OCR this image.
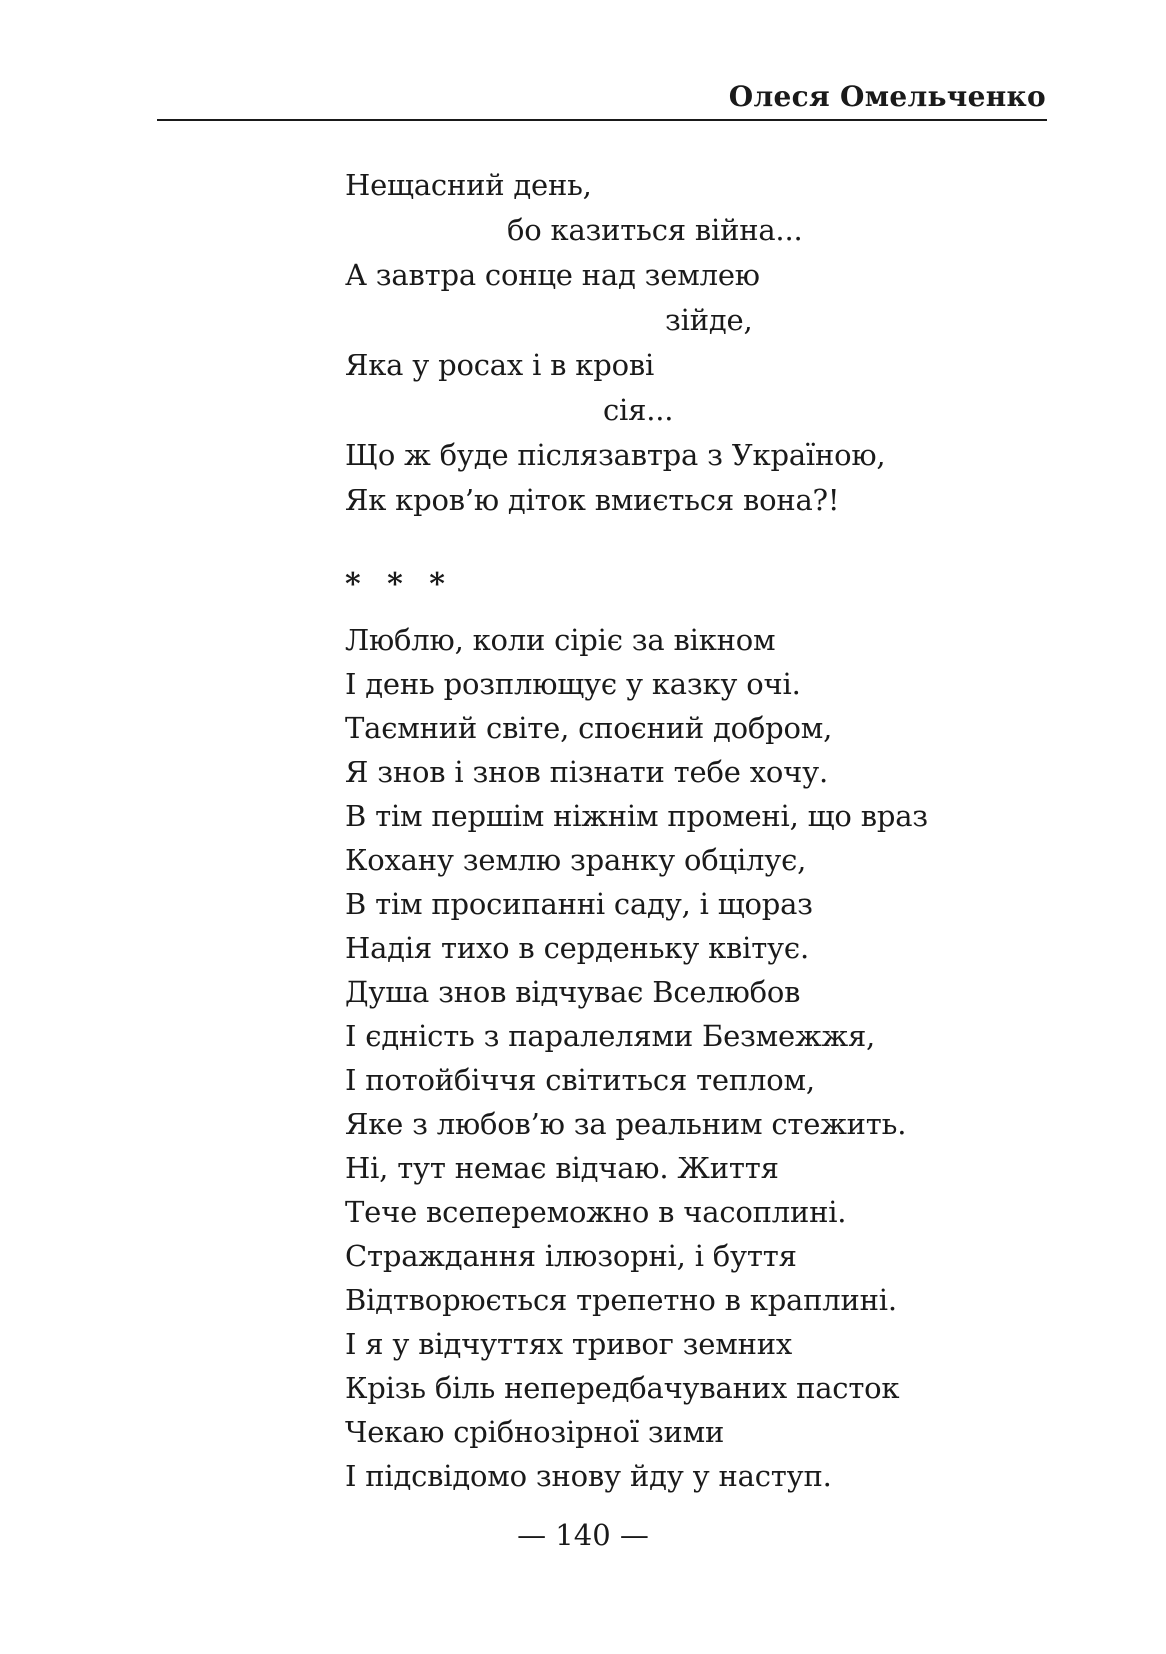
Олеся Омельченко
Нещасний день,
бо казиться війна...
А завтра сонце над землею
зійде,
Яка у росах і в крові
сія...
Що ж буде післязавтра з Україною,
Як кров’ю діток вмиється вона?!
* * *
Люблю, коли сіріє за вікном
І день розплющує у казку очі.
Таємний світе, споєний добром,
Я знов і знов пізнати тебе хочу.
В тім першім ніжнім промені, що враз
Кохану землю зранку обцілує,
В тім просипанні саду, і щораз
Надія тихо в серденьку квітує.
Душа знов відчуває Вселюбов
І єдність з паралелями Безмежжя,
І потойбіччя світиться теплом,
Яке з любов’ю за реальним стежить.
Ні, тут немає відчаю. Життя
Тече всепереможно в часоплині.
Страждання ілюзорні, і буття
Відтворюється трепетно в краплині.
І я у відчуттях тривог земних
Крізь біль непередбачуваних пасток
Чекаю срібнозірної зими
І підсвідомо знову йду у наступ.
— 140 —
